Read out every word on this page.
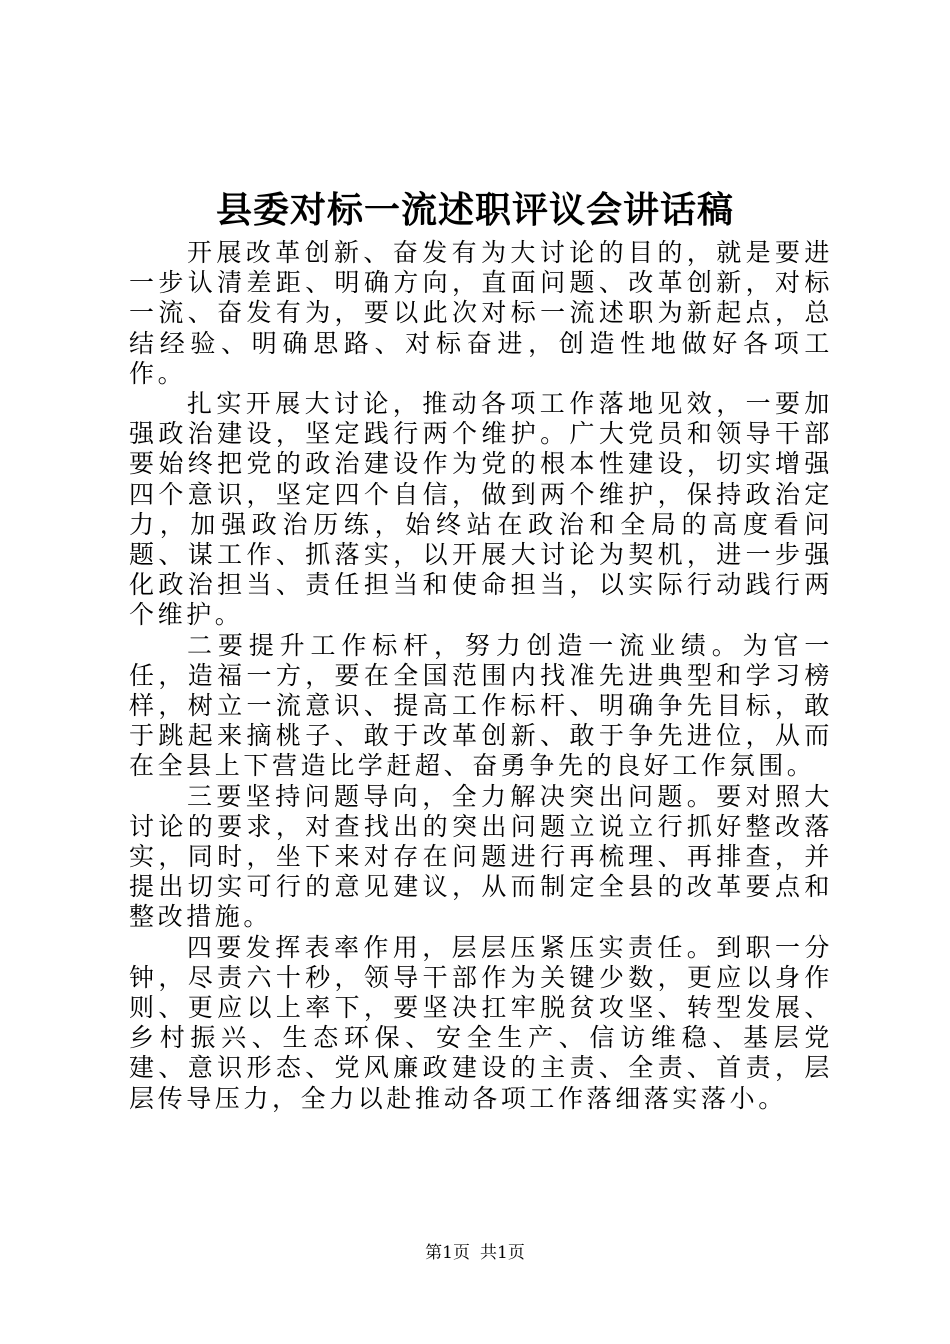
县委对标一流述职评议会讲话稿

开展改革创新、奋发有为大讨论的目的，就是要进一步认清差距、明确方向，直面问题、改革创新，对标一流、奋发有为，要以此次对标一流述职为新起点，总结经验、明确思路、对标奋进，创造性地做好各项工作。

扎实开展大讨论，推动各项工作落地见效，一要加强政治建设，坚定践行两个维护。广大党员和领导干部要始终把党的政治建设作为党的根本性建设，切实增强四个意识，坚定四个自信，做到两个维护，保持政治定力，加强政治历练，始终站在政治和全局的高度看问题、谋工作、抓落实，以开展大讨论为契机，进一步强化政治担当、责任担当和使命担当，以实际行动践行两个维护。

二要提升工作标杆，努力创造一流业绩。为官一任，造福一方，要在全国范围内找准先进典型和学习榜样，树立一流意识、提高工作标杆、明确争先目标，敢于跳起来摘桃子、敢于改革创新、敢于争先进位，从而在全县上下营造比学赶超、奋勇争先的良好工作氛围。

三要坚持问题导向，全力解决突出问题。要对照大讨论的要求，对查找出的突出问题立说立行抓好整改落实，同时，坐下来对存在问题进行再梳理、再排查，并提出切实可行的意见建议，从而制定全县的改革要点和整改措施。

四要发挥表率作用，层层压紧压实责任。到职一分钟，尽责六十秒，领导干部作为关键少数，更应以身作则、更应以上率下，要坚决扛牢脱贫攻坚、转型发展、乡村振兴、生态环保、安全生产、信访维稳、基层党建、意识形态、党风廉政建设的主责、全责、首责，层层传导压力，全力以赴推动各项工作落细落实落小。

第1页 共1页
